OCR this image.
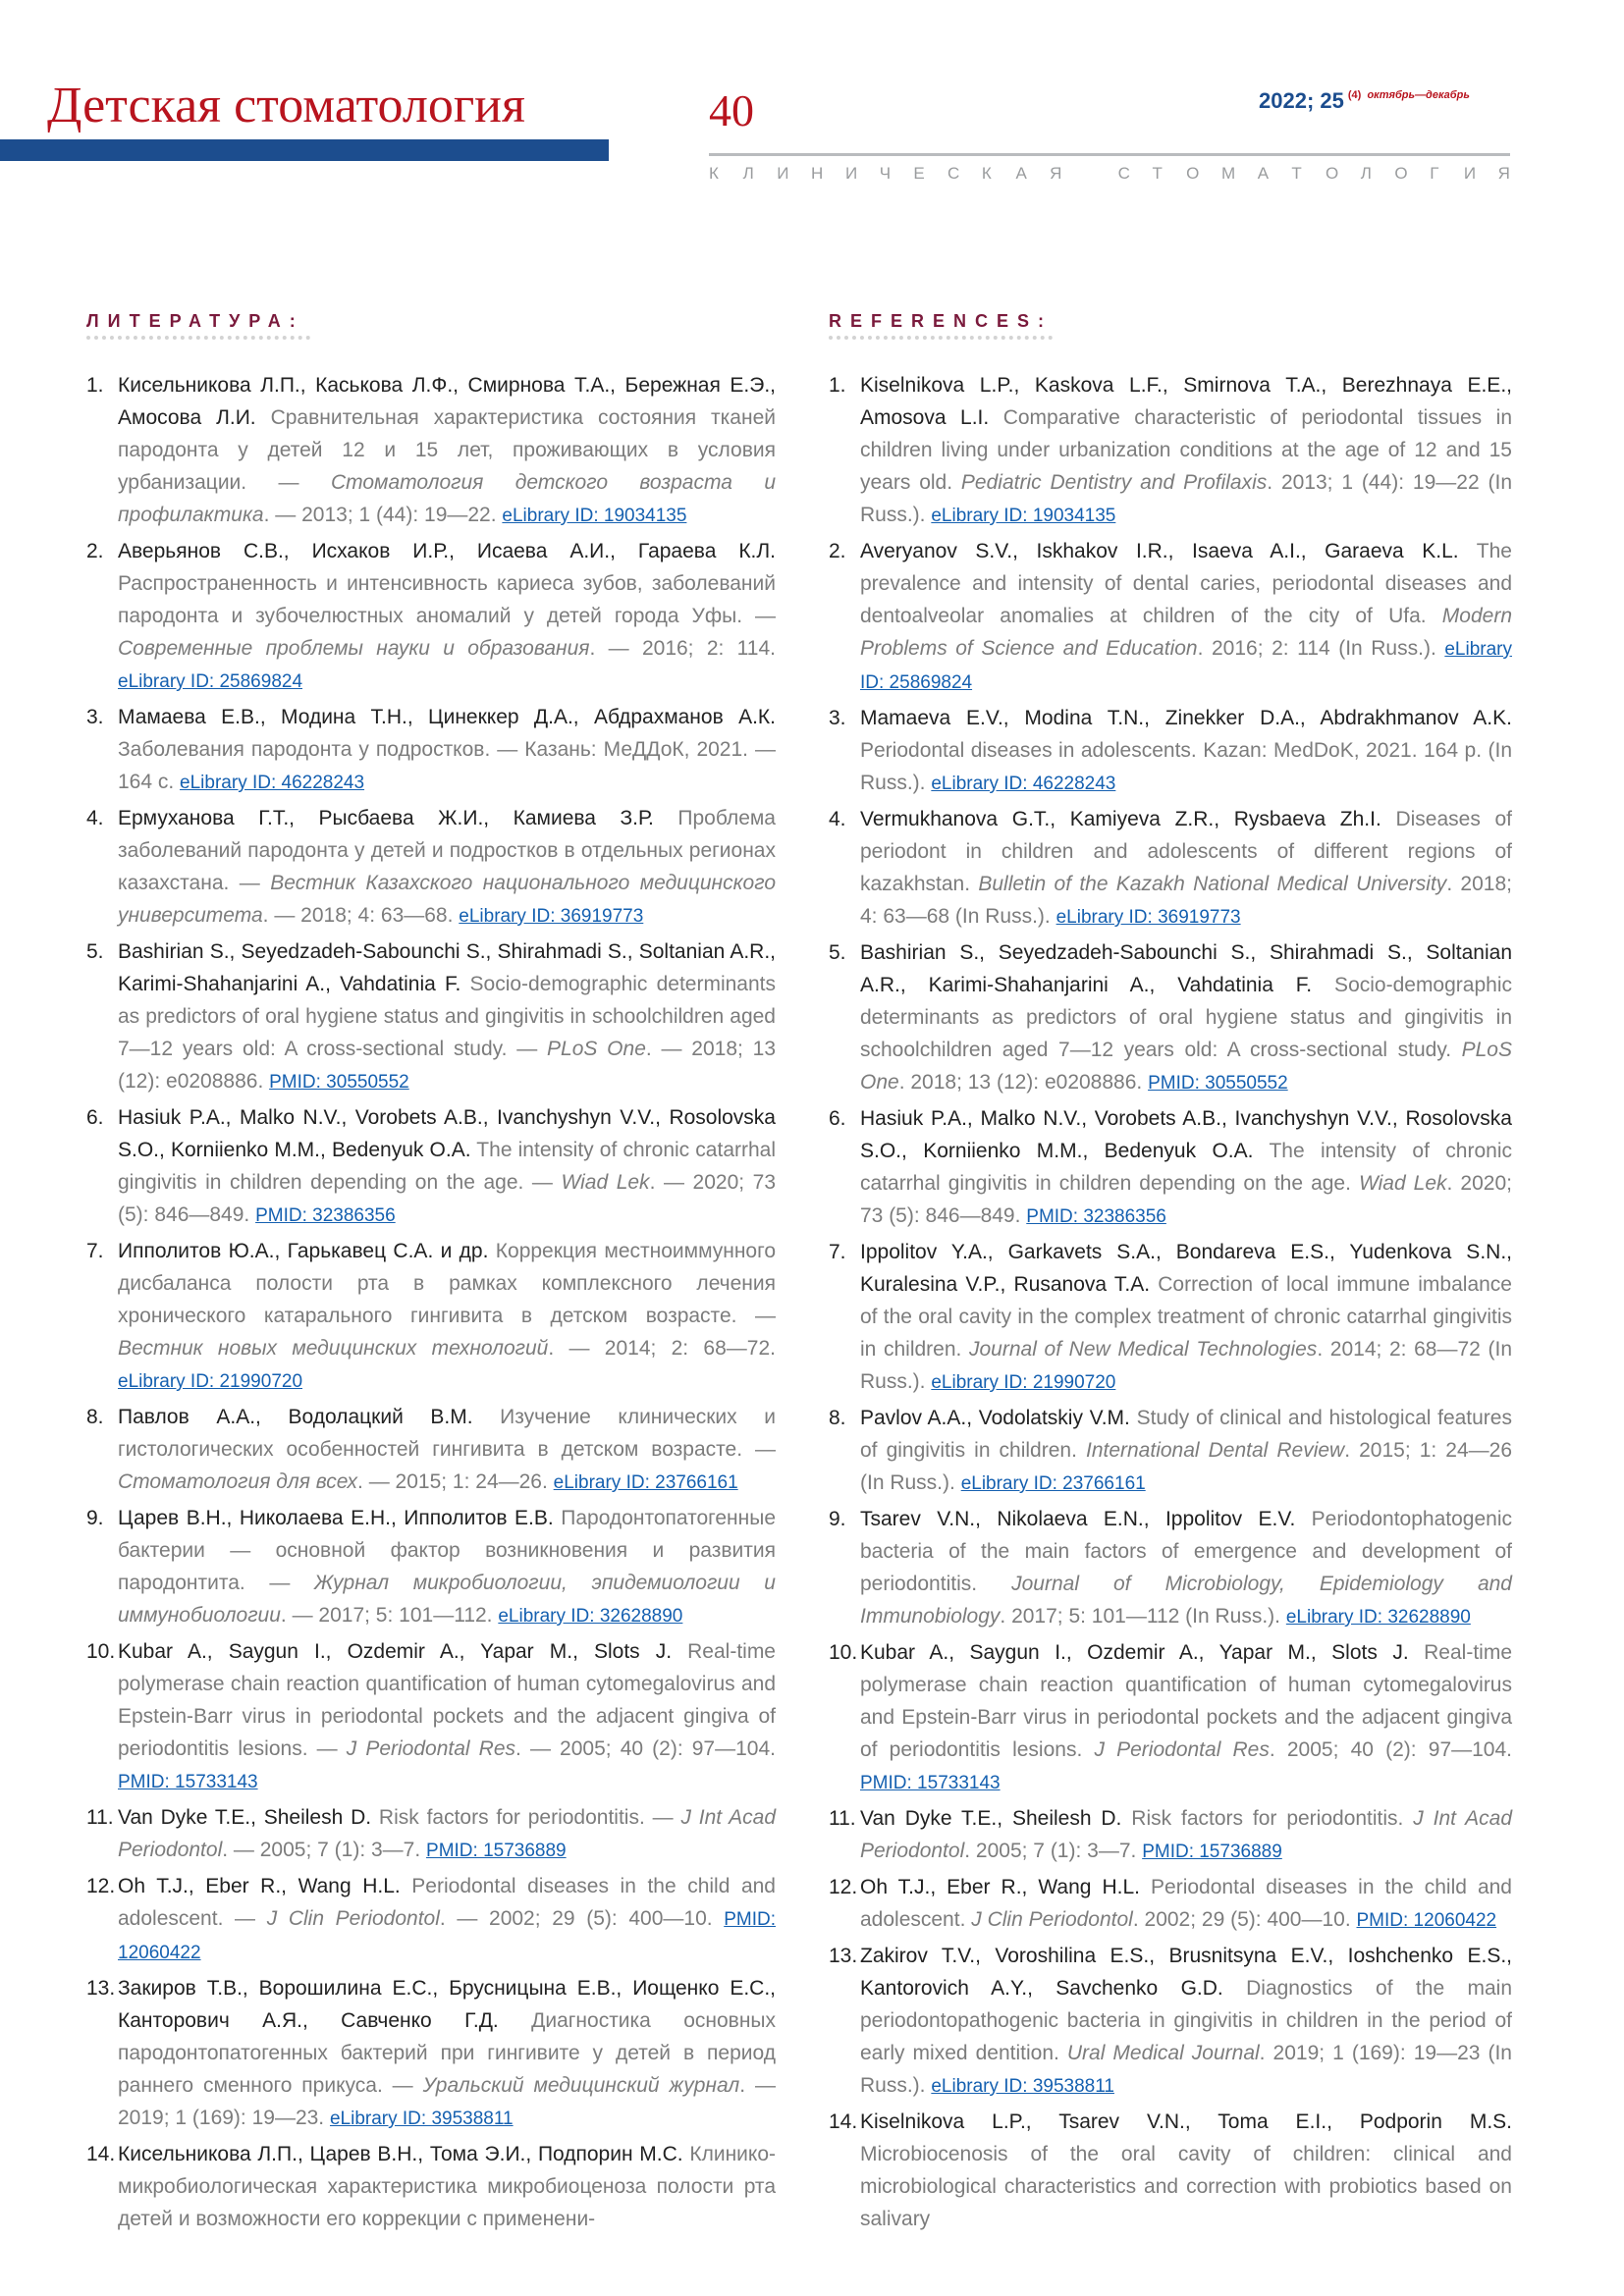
Детская стоматология	40	2022; 25 $^{(4)}$ $^{октябрь—декабрь}$
К Л И Н И Ч Е С К А Я	С Т О М А Т О Л О Г И Я
ЛИТЕРАТУРА:	REFERENCES:
1. Кисельникова Л.П., Каськова Л.Ф., Смирнова Т.А., Бережная Е.Э., Амосова Л.И. Сравнительная характеристика состояния тканей пародонта у детей 12 и 15 лет, проживающих в условия урбанизации. — Стоматология детского возраста и профилактика. — 2013; 1 (44): 19—22. eLibrary ID: 19034135
2. Аверьянов С.В., Исхаков И.Р., Исаева А.И., Гараева К.Л. Распространенность и интенсивность кариеса зубов, заболеваний пародонта и зубочелюстных аномалий у детей города Уфы. — Современные проблемы науки и образования. — 2016; 2: 114. eLibrary ID: 25869824
3. Мамаева Е.В., Модина Т.Н., Цинеккер Д.А., Абдрахманов А.К. Заболевания пародонта у подростков. — Казань: МеДДоК, 2021. — 164 с. eLibrary ID: 46228243
4. Ермуханова Г.Т., Рысбаева Ж.И., Камиева З.Р. Проблема заболеваний пародонта у детей и подростков в отдельных регионах казахстана. — Вестник Казахского национального медицинского университета. — 2018; 4: 63—68. eLibrary ID: 36919773
5. Bashirian S., Seyedzadeh-Sabounchi S., Shirahmadi S., Soltanian A.R., Karimi-Shahanjarini A., Vahdatinia F. Socio-demographic determinants as predictors of oral hygiene status and gingivitis in schoolchildren aged 7—12 years old: A cross-sectional study. — PLoS One. — 2018; 13 (12): e0208886. PMID: 30550552
6. Hasiuk P.A., Malko N.V., Vorobets A.B., Ivanchyshyn V.V., Rosolovska S.O., Korniienko M.M., Bedenyuk O.A. The intensity of chronic catarrhal gingivitis in children depending on the age. — Wiad Lek. — 2020; 73 (5): 846—849. PMID: 32386356
7. Ипполитов Ю.А., Гарькавец С.А. и др. Коррекция местноиммунного дисбаланса полости рта в рамках комплексного лечения хронического катарального гингивита в детском возрасте. — Вестник новых медицинских технологий. — 2014; 2: 68—72. eLibrary ID: 21990720
8. Павлов А.А., Водолацкий В.М. Изучение клинических и гистологических особенностей гингивита в детском возрасте. — Стоматология для всех. — 2015; 1: 24—26. eLibrary ID: 23766161
9. Царев В.Н., Николаева Е.Н., Ипполитов Е.В. Пародонтопатогенные бактерии — основной фактор возникновения и развития пародонтита. — Журнал микробиологии, эпидемиологии и иммунобиологии. — 2017; 5: 101—112. eLibrary ID: 32628890
10. Kubar A., Saygun I., Ozdemir A., Yapar M., Slots J. Real-time polymerase chain reaction quantification of human cytomegalovirus and Epstein-Barr virus in periodontal pockets and the adjacent gingiva of periodontitis lesions. — J Periodontal Res. — 2005; 40 (2): 97—104. PMID: 15733143
11. Van Dyke T.E., Sheilesh D. Risk factors for periodontitis. — J Int Acad Periodontol. — 2005; 7 (1): 3—7. PMID: 15736889
12. Oh T.J., Eber R., Wang H.L. Periodontal diseases in the child and adolescent. — J Clin Periodontol. — 2002; 29 (5): 400—10. PMID: 12060422
13. Закиров Т.В., Ворошилина Е.С., Брусницына Е.В., Иощенко Е.С., Канторович А.Я., Савченко Г.Д. Диагностика основных пародонтопатогенных бактерий при гингивите у детей в период раннего сменного прикуса. — Уральский медицинский журнал. — 2019; 1 (169): 19—23. eLibrary ID: 39538811
14. Кисельникова Л.П., Царев В.Н., Тома Э.И., Подпорин М.С. Клинико-микробиологическая характеристика микробиоценоза полости рта детей и возможности его коррекции с применени-
1. Kiselnikova L.P., Kaskova L.F., Smirnova T.A., Berezhnaya E.E., Amosova L.I. Comparative characteristic of periodontal tissues in children living under urbanization conditions at the age of 12 and 15 years old. Pediatric Dentistry and Profilaxis. 2013; 1 (44): 19—22 (In Russ.). eLibrary ID: 19034135
2. Averyanov S.V., Iskhakov I.R., Isaeva A.I., Garaeva K.L. The prevalence and intensity of dental caries, periodontal diseases and dentoalveolar anomalies at children of the city of Ufa. Modern Problems of Science and Education. 2016; 2: 114 (In Russ.). eLibrary ID: 25869824
3. Mamaeva E.V., Modina T.N., Zinekker D.A., Abdrakhmanov A.K. Periodontal diseases in adolescents. Kazan: MedDoK, 2021. 164 p. (In Russ.). eLibrary ID: 46228243
4. Vermukhanova G.T., Kamiyeva Z.R., Rysbaeva Zh.I. Diseases of periodont in children and adolescents of different regions of kazakhstan. Bulletin of the Kazakh National Medical University. 2018; 4: 63—68 (In Russ.). eLibrary ID: 36919773
5. Bashirian S., Seyedzadeh-Sabounchi S., Shirahmadi S., Soltanian A.R., Karimi-Shahanjarini A., Vahdatinia F. Socio-demographic determinants as predictors of oral hygiene status and gingivitis in schoolchildren aged 7—12 years old: A cross-sectional study. PLoS One. 2018; 13 (12): e0208886. PMID: 30550552
6. Hasiuk P.A., Malko N.V., Vorobets A.B., Ivanchyshyn V.V., Rosolovska S.O., Korniienko M.M., Bedenyuk O.A. The intensity of chronic catarrhal gingivitis in children depending on the age. Wiad Lek. 2020; 73 (5): 846—849. PMID: 32386356
7. Ippolitov Y.A., Garkavets S.A., Bondareva E.S., Yudenkova S.N., Kuralesina V.P., Rusanova T.A. Correction of local immune imbalance of the oral cavity in the complex treatment of chronic catarrhal gingivitis in children. Journal of New Medical Technologies. 2014; 2: 68—72 (In Russ.). eLibrary ID: 21990720
8. Pavlov A.A., Vodolatskiy V.M. Study of clinical and histological features of gingivitis in children. International Dental Review. 2015; 1: 24—26 (In Russ.). eLibrary ID: 23766161
9. Tsarev V.N., Nikolaeva E.N., Ippolitov E.V. Periodontophatogenic bacteria of the main factors of emergence and development of periodontitis. Journal of Microbiology, Epidemiology and Immunobiology. 2017; 5: 101—112 (In Russ.). eLibrary ID: 32628890
10. Kubar A., Saygun I., Ozdemir A., Yapar M., Slots J. Real-time polymerase chain reaction quantification of human cytomegalovirus and Epstein-Barr virus in periodontal pockets and the adjacent gingiva of periodontitis lesions. J Periodontal Res. 2005; 40 (2): 97—104. PMID: 15733143
11. Van Dyke T.E., Sheilesh D. Risk factors for periodontitis. J Int Acad Periodontol. 2005; 7 (1): 3—7. PMID: 15736889
12. Oh T.J., Eber R., Wang H.L. Periodontal diseases in the child and adolescent. J Clin Periodontol. 2002; 29 (5): 400—10. PMID: 12060422
13. Zakirov T.V., Voroshilina E.S., Brusnitsyna E.V., Ioshchenko E.S., Kantorovich A.Y., Savchenko G.D. Diagnostics of the main periodontopathogenic bacteria in gingivitis in children in the period of early mixed dentition. Ural Medical Journal. 2019; 1 (169): 19—23 (In Russ.). eLibrary ID: 39538811
14. Kiselnikova L.P., Tsarev V.N., Toma E.I., Podporin M.S. Microbiocenosis of the oral cavity of children: clinical and microbiological characteristics and correction with probiotics based on salivary
